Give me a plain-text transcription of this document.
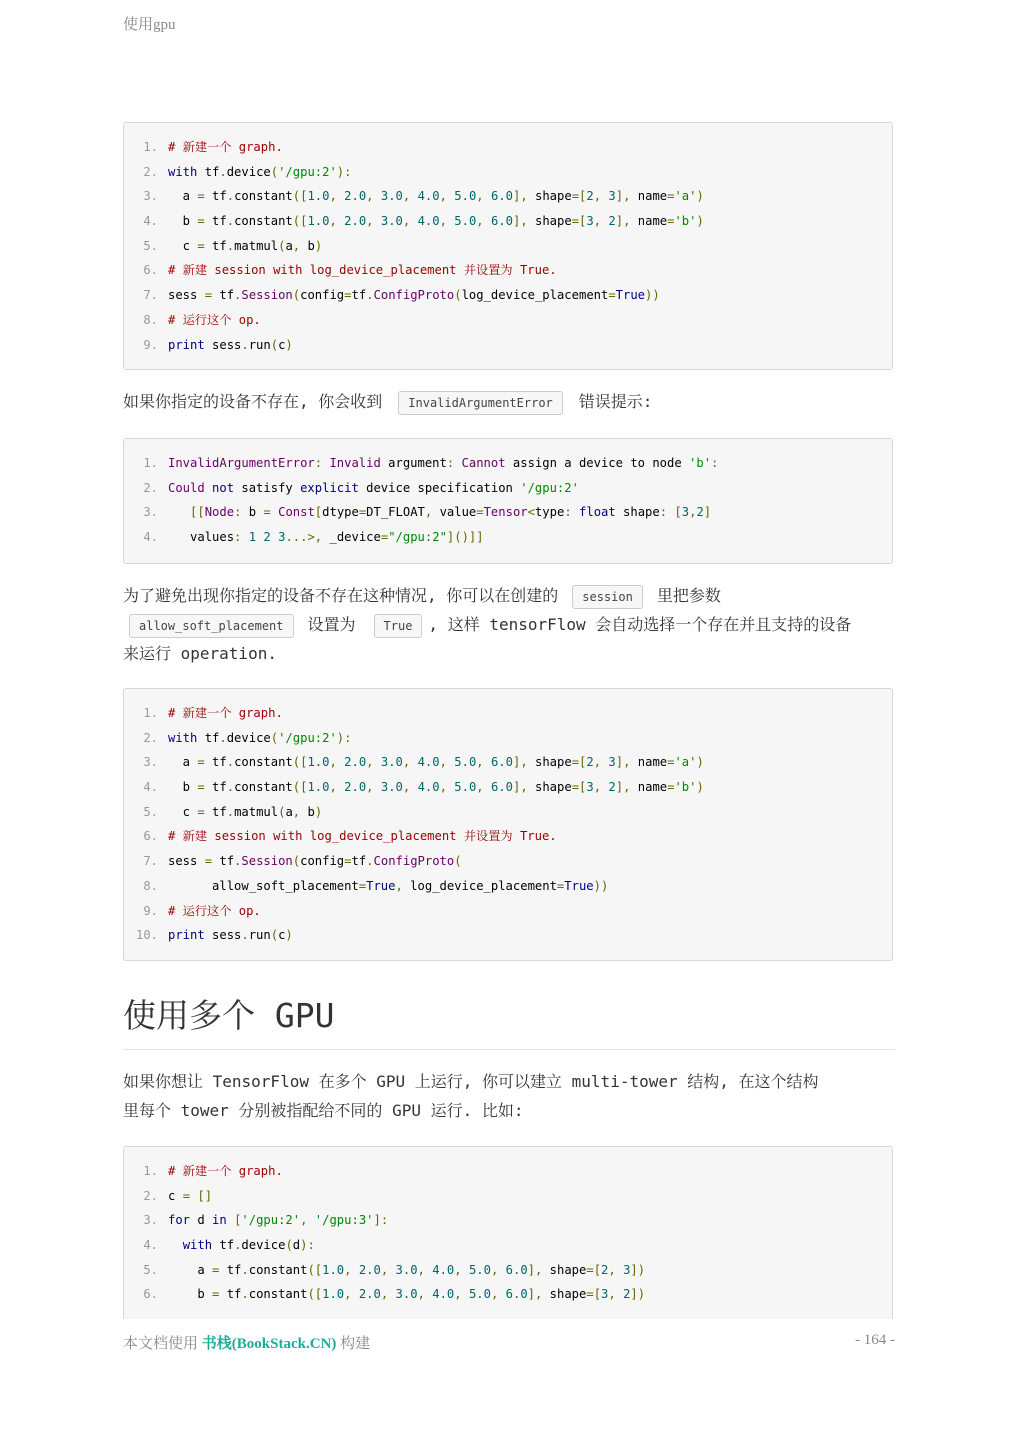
使用gpu
1. # 新建一个 graph.
2. with tf.device('/gpu:2'):
3.  a = tf.constant([1.0, 2.0, 3.0, 4.0, 5.0, 6.0], shape=[2, 3], name='a')
4.  b = tf.constant([1.0, 2.0, 3.0, 4.0, 5.0, 6.0], shape=[3, 2], name='b')
5.  c = tf.matmul(a, b)
6. # 新建 session with log_device_placement 并设置为 True.
7. sess = tf.Session(config=tf.ConfigProto(log_device_placement=True))
8. # 运行这个 op.
9. print sess.run(c)
如果你指定的设备不存在, 你会收到 InvalidArgumentError 错误提示:
1. InvalidArgumentError: Invalid argument: Cannot assign a device to node 'b':
2. Could not satisfy explicit device specification '/gpu:2'
3.	[[Node: b = Const[dtype=DT_FLOAT, value=Tensor<type: float shape: [3,2]
4.   values: 1 2 3...>, _device="/gpu:2"]()]]
为了避免出现你指定的设备不存在这种情况, 你可以在创建的 session 里把参数
allow_soft_placement 设置为 True , 这样 tensorFlow 会自动选择一个存在并且支持的设备
来运行 operation.
1. # 新建一个 graph.
2. with tf.device('/gpu:2'):
3.  a = tf.constant([1.0, 2.0, 3.0, 4.0, 5.0, 6.0], shape=[2, 3], name='a')
4.  b = tf.constant([1.0, 2.0, 3.0, 4.0, 5.0, 6.0], shape=[3, 2], name='b')
5.  c = tf.matmul(a, b)
6. # 新建 session with log_device_placement 并设置为 True.
7. sess = tf.Session(config=tf.ConfigProto(
8.      allow_soft_placement=True, log_device_placement=True))
9. # 运行这个 op.
10. print sess.run(c)
使用多个 GPU
如果你想让 TensorFlow 在多个 GPU 上运行, 你可以建立 multi-tower 结构, 在这个结构
里每个 tower 分别被指配给不同的 GPU 运行. 比如:
1. # 新建一个 graph.
2. c = []
3. for d in ['/gpu:2', '/gpu:3']:
4. with tf.device(d):
5.    a = tf.constant([1.0, 2.0, 3.0, 4.0, 5.0, 6.0], shape=[2, 3])
6.    b = tf.constant([1.0, 2.0, 3.0, 4.0, 5.0, 6.0], shape=[3, 2])
本文档使用 书栈(BookStack.CN) 构建	- 164 -
